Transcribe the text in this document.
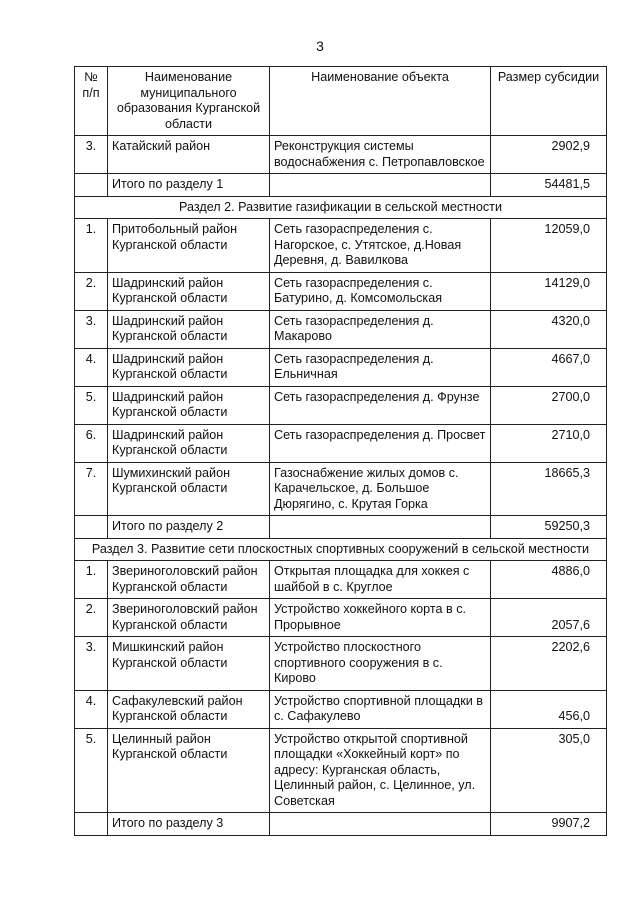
3
№ п/п	Наименование муниципального образования Курганской области	Наименование объекта	Размер субсидии
3.	Катайский район	Реконструкция системы водоснабжения с. Петропавловское	2902,9
	Итого по разделу 1		54481,5
Раздел 2. Развитие газификации в сельской местности			
1.	Притобольный район Курганской области	Сеть газораспределения с. Нагорское, с. Утятское, д.Новая Деревня, д. Вавилкова	12059,0
2.	Шадринский район Курганской области	Сеть газораспределения с. Батурино, д. Комсомольская	14129,0
3.	Шадринский район Курганской области	Сеть газораспределения д. Макарово	4320,0
4.	Шадринский район Курганской области	Сеть газораспределения д. Ельничная	4667,0
5.	Шадринский район Курганской области	Сеть газораспределения д. Фрунзе	2700,0
6.	Шадринский район Курганской области	Сеть газораспределения д. Просвет	2710,0
7.	Шумихинский район Курганской области	Газоснабжение жилых домов с. Карачельское, д. Большое Дюрягино, с. Крутая Горка	18665,3
	Итого по разделу 2		59250,3
Раздел 3. Развитие сети плоскостных спортивных сооружений в сельской местности			
1.	Звериноголовский район Курганской области	Открытая площадка для хоккея с шайбой в с. Круглое	4886,0
2.	Звериноголовский район Курганской области	Устройство хоккейного корта в с. Прорывное	2057,6
3.	Мишкинский район Курганской области	Устройство плоскостного спортивного сооружения в с. Кирово	2202,6
4.	Сафакулевский район Курганской области	Устройство спортивной площадки в с. Сафакулево	456,0
5.	Целинный район Курганской области	Устройство открытой спортивной площадки «Хоккейный корт» по адресу: Курганская область, Целинный район, с. Целинное, ул. Советская	305,0
	Итого по разделу 3		9907,2
